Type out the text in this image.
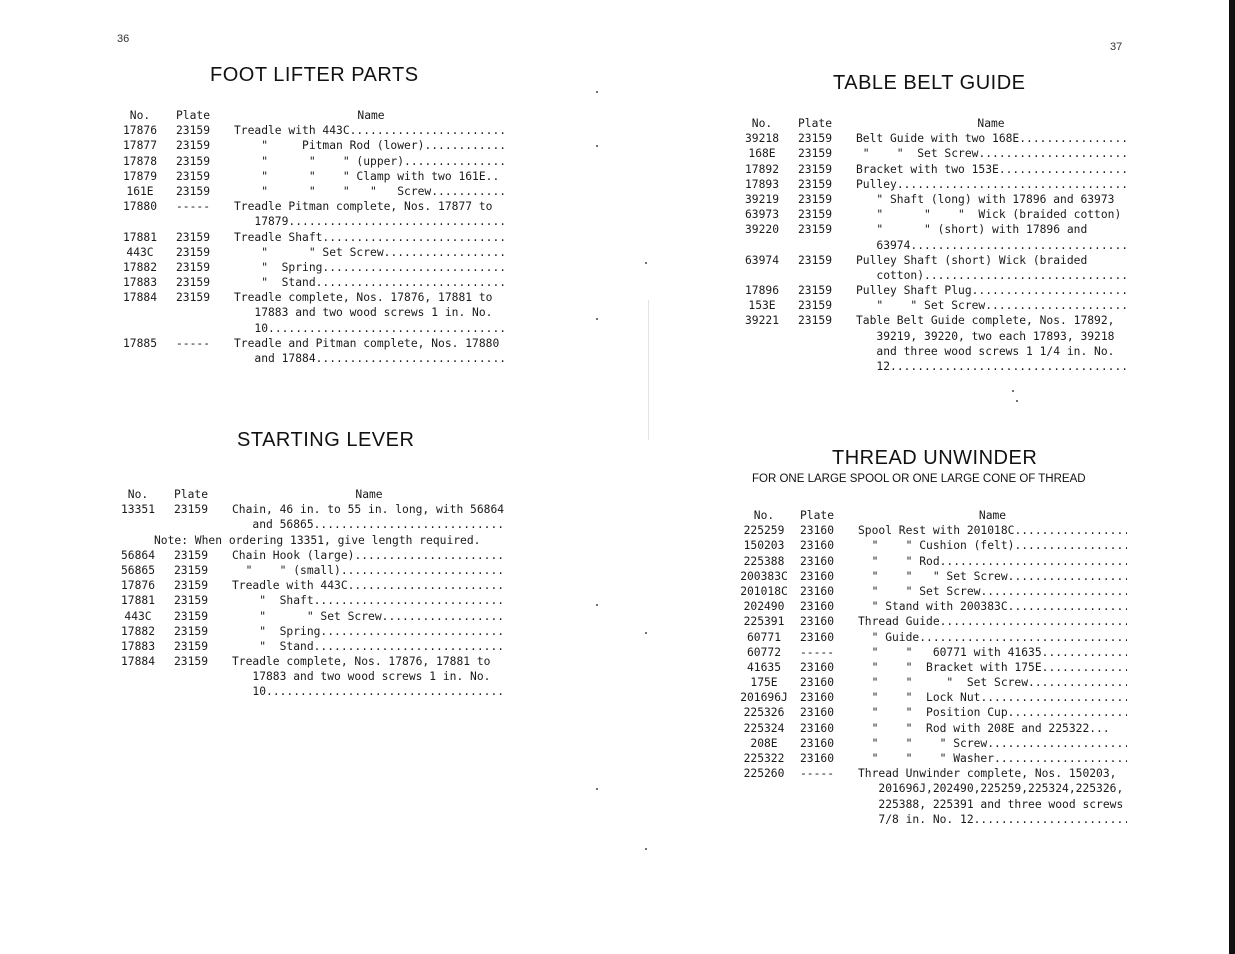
36
37
FOOT LIFTER PARTS
No.	Plate	Name
17876	23159	Treadle with 443C
.....
17877	23159	"     Pitman Rod (lower)
.....
17878	23159	"      "    " (upper)
.....
17879	23159	"      "    " Clamp with two 161E..
161E	23159	"      "    "   "   Screw
.....
17880	-----	Treadle Pitman complete, Nos. 17877 to
17879
.....
17881	23159	Treadle Shaft
.....
443C	23159	"      " Set Screw
.....
17882	23159	"  Spring
.....
17883	23159	"  Stand
.....
17884	23159	Treadle complete, Nos. 17876, 17881 to
17883 and two wood screws 1 in. No.
10
.....
17885	-----	Treadle and Pitman complete, Nos. 17880
and 17884
.....
STARTING LEVER
No.	Plate	Name
13351	23159	Chain, 46 in. to 55 in. long, with 56864
and 56865
.....
Note: When ordering 13351, give length required.
56864	23159	Chain Hook (large)
.....
56865	23159	"    " (small)
.....
17876	23159	Treadle with 443C
.....
17881	23159	"  Shaft
.....
443C	23159	"      " Set Screw
.....
17882	23159	"  Spring
.....
17883	23159	"  Stand
.....
17884	23159	Treadle complete, Nos. 17876, 17881 to
17883 and two wood screws 1 in. No.
10
.....
TABLE BELT GUIDE
No.	Plate	Name
39218	23159	Belt Guide with two 168E
.....
168E	23159	"    "  Set Screw
.....
17892	23159	Bracket with two 153E
.....
17893	23159	Pulley
.....
39219	23159	" Shaft (long) with 17896 and 63973
63973	23159	"      "    "  Wick (braided cotton)
39220	23159	"      " (short) with 17896 and
63974
.....
63974	23159	Pulley Shaft (short) Wick (braided
cotton)
.....
17896	23159	Pulley Shaft Plug
.....
153E	23159	"    " Set Screw
.....
39221	23159	Table Belt Guide complete, Nos. 17892,
39219, 39220, two each 17893, 39218
and three wood screws 1 1/4 in. No.
12
.....
THREAD UNWINDER
FOR ONE LARGE SPOOL OR ONE LARGE CONE OF THREAD
No.	Plate	Name
225259	23160	Spool Rest with 201018C
.....
150203	23160	"    " Cushion (felt)
.....
225388	23160	"    " Rod
.....
200383C	23160	"    "   " Set Screw
.....
201018C	23160	"    " Set Screw
.....
202490	23160	" Stand with 200383C
.....
225391	23160	Thread Guide
.....
60771	23160	" Guide
.....
60772	-----	"    "   60771 with 41635
.....
41635	23160	"    "  Bracket with 175E
.....
175E	23160	"    "     "  Set Screw
.....
201696J	23160	"    "  Lock Nut
.....
225326	23160	"    "  Position Cup
.....
225324	23160	"    "  Rod with 208E and 225322...
208E	23160	"    "    " Screw
.....
225322	23160	"    "    " Washer
.....
225260	-----	Thread Unwinder complete, Nos. 150203,
201696J,202490,225259,225324,225326,
225388, 225391 and three wood screws
7/8 in. No. 12
.....
